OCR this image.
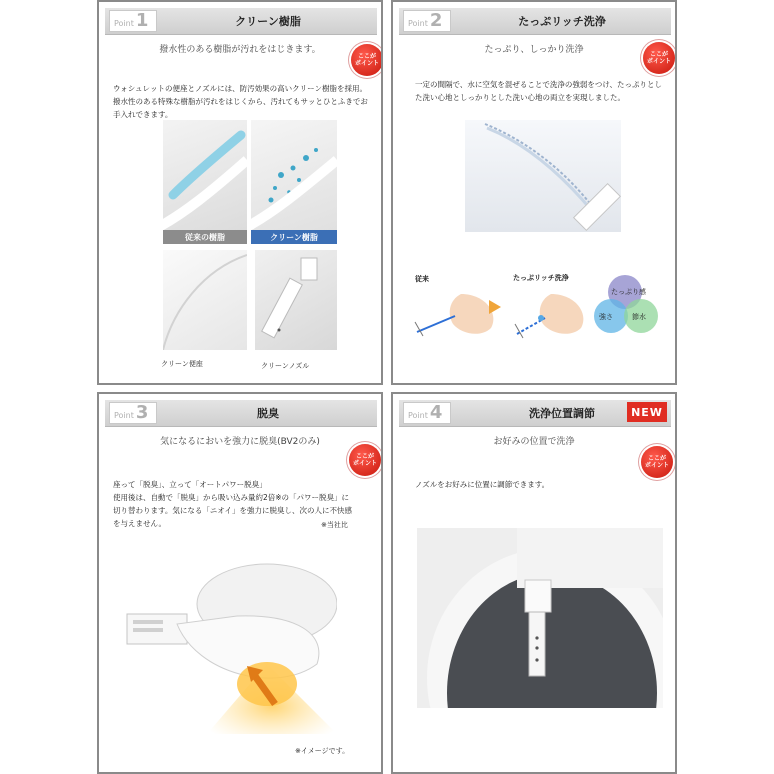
Point 1	クリーン樹脂
撥水性のある樹脂が汚れをはじきます。
ここが
ポイント
ウォシュレットの便座とノズルには、防汚効果の高いクリーン樹脂を採用。
撥水性のある特殊な樹脂が汚れをはじくから、汚れてもサッとひとふきでお
手入れできます。
従来の樹脂	クリーン樹脂
クリーン便座	クリーンノズル
Point 2	たっぷリッチ洗浄
たっぷり、しっかり洗浄	ここが
ポイント
一定の間隔で、水に空気を混ぜることで洗浄の強弱をつけ、たっぷりとし
た洗い心地としっかりとした洗い心地の両立を実現しました。
従来	たっぷリッチ洗浄
たっぷり感
強さ	節水
Point 3	脱臭
気になるにおいを強力に脱臭(BV2のみ)
ここが
ポイント
座って「脱臭」、立って「オートパワー脱臭」
使用後は、自動で「脱臭」から吸い込み量約2倍※の「パワー脱臭」に
切り替わります。気になる「ニオイ」を強力に脱臭し、次の人に不快感
を与えません。	※当社比
※イメージです。
Point 4	洗浄位置調節	NEW
お好みの位置で洗浄
ここが
ポイント
ノズルをお好みに位置に調節できます。
